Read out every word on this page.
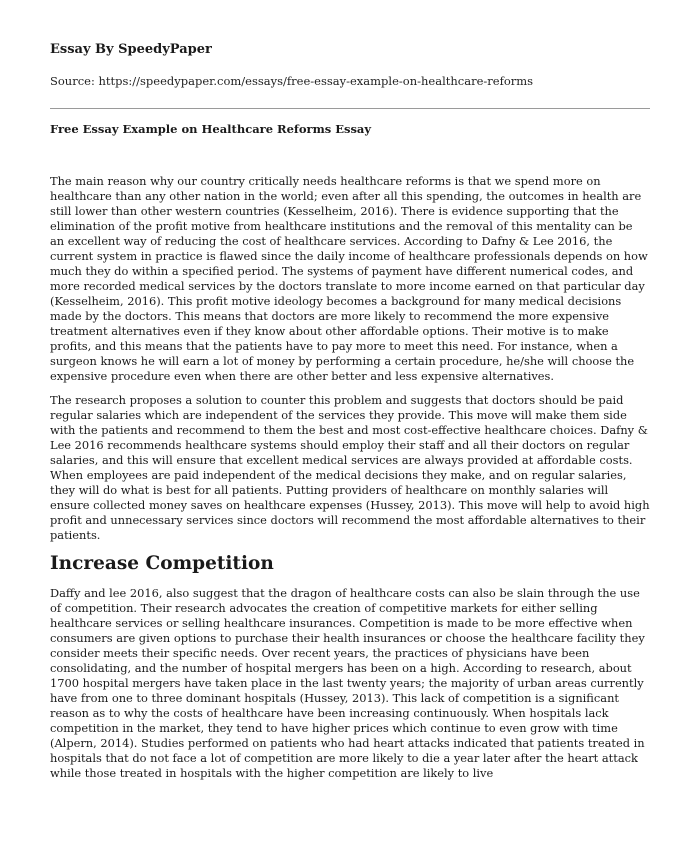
Essay By SpeedyPaper
Source: https://speedypaper.com/essays/free-essay-example-on-healthcare-reforms
Free Essay Example on Healthcare Reforms Essay

The main reason why our country critically needs healthcare reforms is that we spend more on healthcare than any other nation in the world; even after all this spending, the outcomes in health are still lower than other western countries (Kesselheim, 2016). There is evidence supporting that the elimination of the profit motive from healthcare institutions and the removal of this mentality can be an excellent way of reducing the cost of healthcare services. According to Dafny & Lee 2016, the current system in practice is flawed since the daily income of healthcare professionals depends on how much they do within a specified period. The systems of payment have different numerical codes, and more recorded medical services by the doctors translate to more income earned on that particular day (Kesselheim, 2016). This profit motive ideology becomes a background for many medical decisions made by the doctors. This means that doctors are more likely to recommend the more expensive treatment alternatives even if they know about other affordable options. Their motive is to make profits, and this means that the patients have to pay more to meet this need. For instance, when a surgeon knows he will earn a lot of money by performing a certain procedure, he/she will choose the expensive procedure even when there are other better and less expensive alternatives.

The research proposes a solution to counter this problem and suggests that doctors should be paid regular salaries which are independent of the services they provide. This move will make them side with the patients and recommend to them the best and most cost-effective healthcare choices. Dafny & Lee 2016 recommends healthcare systems should employ their staff and all their doctors on regular salaries, and this will ensure that excellent medical services are always provided at affordable costs. When employees are paid independent of the medical decisions they make, and on regular salaries, they will do what is best for all patients. Putting providers of healthcare on monthly salaries will ensure collected money saves on healthcare expenses (Hussey, 2013). This move will help to avoid high profit and unnecessary services since doctors will recommend the most affordable alternatives to their patients.

Increase Competition

Daffy and lee 2016, also suggest that the dragon of healthcare costs can also be slain through the use of competition. Their research advocates the creation of competitive markets for either selling healthcare services or selling healthcare insurances. Competition is made to be more effective when consumers are given options to purchase their health insurances or choose the healthcare facility they consider meets their specific needs. Over recent years, the practices of physicians have been consolidating, and the number of hospital mergers has been on a high. According to research, about 1700 hospital mergers have taken place in the last twenty years; the majority of urban areas currently have from one to three dominant hospitals (Hussey, 2013). This lack of competition is a significant reason as to why the costs of healthcare have been increasing continuously. When hospitals lack competition in the market, they tend to have higher prices which continue to even grow with time (Alpern, 2014). Studies performed on patients who had heart attacks indicated that patients treated in hospitals that do not face a lot of competition are more likely to die a year later after the heart attack while those treated in hospitals with the higher competition are likely to live
